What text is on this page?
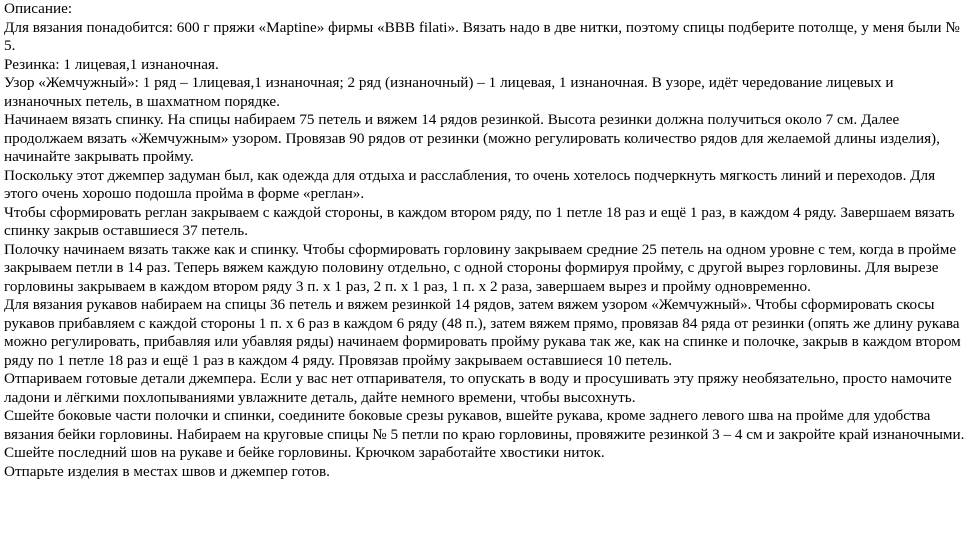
Описание:

Для вязания понадобится: 600 г пряжи «Maptine» фирмы «BBB filati». Вязать надо в две нитки, поэтому спицы подберите потолще, у меня были № 5.

Резинка: 1 лицевая,1 изнаночная.

Узор «Жемчужный»: 1 ряд – 1лицевая,1 изнаночная; 2 ряд (изнаночный) – 1 лицевая, 1 изнаночная. В узоре, идёт чередование лицевых и изнаночных петель, в шахматном порядке.

Начинаем вязать спинку. На спицы набираем 75 петель и вяжем 14 рядов резинкой. Высота резинки должна получиться около 7 см. Далее продолжаем вязать «Жемчужным» узором. Провязав 90 рядов от резинки (можно регулировать количество рядов для желаемой длины изделия), начинайте закрывать пройму.

Поскольку этот джемпер задуман был, как одежда для отдыха и расслабления, то очень хотелось подчеркнуть мягкость линий и переходов. Для этого очень хорошо подошла пройма в форме «реглан».

Чтобы сформировать реглан закрываем с каждой стороны, в каждом втором ряду, по 1 петле 18 раз и ещё 1 раз, в каждом 4 ряду. Завершаем вязать спинку закрыв оставшиеся 37 петель.

Полочку начинаем вязать также как и спинку. Чтобы сформировать горловину закрываем средние 25 петель на одном уровне с тем, когда в пройме закрываем петли в 14 раз. Теперь вяжем каждую половину отдельно, с одной стороны формируя пройму, с другой вырез горловины. Для вырезе горловины закрываем в каждом втором ряду 3 п. х 1 раз, 2 п. х 1 раз, 1 п. х 2 раза, завершаем вырез и пройму одновременно.

Для вязания рукавов набираем на спицы 36 петель и вяжем резинкой 14 рядов, затем вяжем узором «Жемчужный». Чтобы сформировать скосы рукавов прибавляем с каждой стороны 1 п. х 6 раз в каждом 6 ряду (48 п.), затем вяжем прямо, провязав 84 ряда от резинки (опять же длину рукава можно регулировать, прибавляя или убавляя ряды) начинаем формировать пройму рукава так же, как на спинке и полочке, закрыв в каждом втором ряду по 1 петле 18 раз и ещё 1 раз в каждом 4 ряду. Провязав пройму закрываем оставшиеся 10 петель.

Отпариваем готовые детали джемпера. Если у вас нет отпаривателя, то опускать в воду и просушивать эту пряжу необязательно, просто намочите ладони и лёгкими похлопываниями увлажните деталь, дайте немного времени, чтобы высохнуть.

Сшейте боковые части полочки и спинки, соедините боковые срезы рукавов, вшейте рукава, кроме заднего левого шва на пройме для удобства вязания бейки горловины. Набираем на круговые спицы № 5 петли по краю горловины, провяжите резинкой 3 – 4 см и закройте край изнаночными. Сшейте последний шов на рукаве и бейке горловины. Крючком заработайте хвостики ниток.

Отпарьте изделия в местах швов и джемпер готов.
